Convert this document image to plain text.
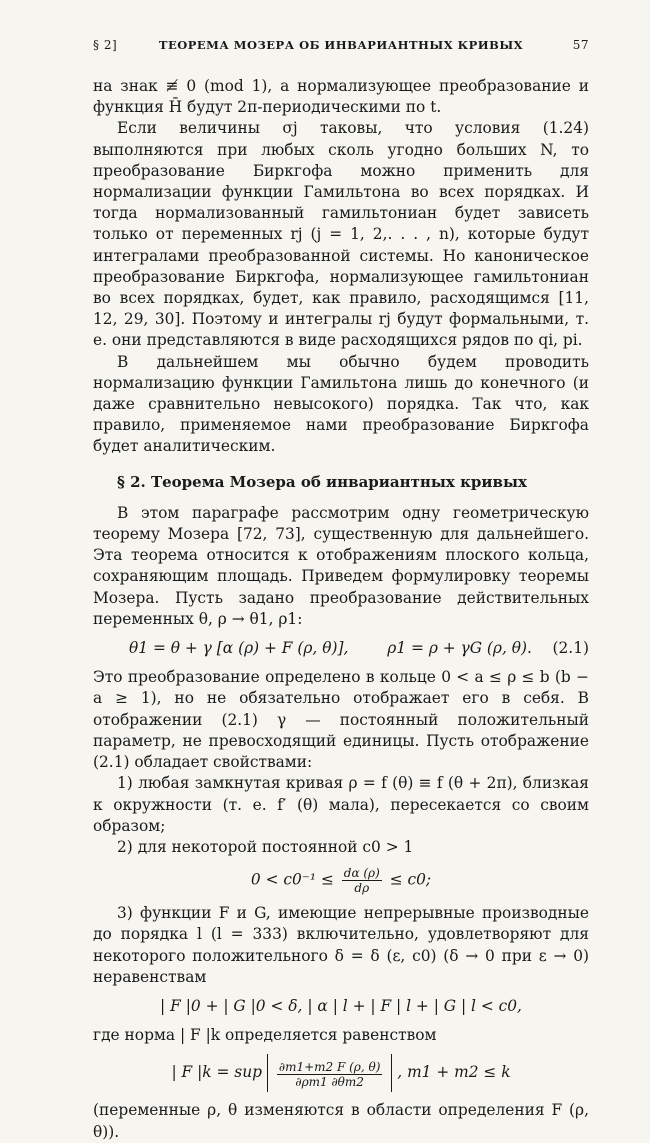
§ 2]	ТЕОРЕМА МОЗЕРА ОБ ИНВАРИАНТНЫХ КРИВЫХ	57

на знак ≢ 0 (mod 1), а нормализующее преобразование и функция H̄ будут 2π-периодическими по t.

Если величины σj таковы, что условия (1.24) выполняются при любых сколь угодно больших N, то преобразование Биркгофа можно применить для нормализации функции Гамильтона во всех порядках. И тогда нормализованный гамильтониан будет зависеть только от переменных rj (j = 1, 2,. . . , n), которые будут интегралами преобразованной системы. Но каноническое преобразование Биркгофа, нормализующее гамильтониан во всех порядках, будет, как правило, расходящимся [11, 12, 29, 30]. Поэтому и интегралы rj будут формальными, т. е. они представляются в виде расходящихся рядов по qi, pi.

В дальнейшем мы обычно будем проводить нормализацию функции Гамильтона лишь до конечного (и даже сравнительно невысокого) порядка. Так что, как правило, применяемое нами преобразование Биркгофа будет аналитическим.

§ 2. Теорема Мозера об инвариантных кривых

В этом параграфе рассмотрим одну геометрическую теорему Мозера [72, 73], существенную для дальнейшего. Эта теорема относится к отображениям плоского кольца, сохраняющим площадь. Приведем формулировку теоремы Мозера. Пусть задано преобразование действительных переменных θ, ρ → θ1, ρ1:

θ1 = θ + γ [α (ρ) + F (ρ, θ)],	ρ1 = ρ + γG (ρ, θ). (2.1)

Это преобразование определено в кольце 0 < a ≤ ρ ≤ b (b − a ≥ 1), но не обязательно отображает его в себя. В отображении (2.1) γ — постоянный положительный параметр, не превосходящий единицы. Пусть отображение (2.1) обладает свойствами:

1) любая замкнутая кривая ρ = f (θ) ≡ f (θ + 2π), близкая к окружности (т. е. f′ (θ) мала), пересекается со своим образом;

2) для некоторой постоянной c0 > 1

$0 < c0^{-1} \le \frac{d\alpha (\rho)}{d\rho} \le c0$;

3) функции F и G, имеющие непрерывные производные до порядка l (l = 333) включительно, удовлетворяют для некоторого положительного δ = δ (ε, c0) (δ → 0 при ε → 0) неравенствам

| F |0 + | G |0 < δ, | α | l + | F | l + | G | l < c0,

где норма | F |k определяется равенством

| F |k = sup $\frac{\partial m1+m2 F (\rho, \theta)}{\partial\rho m1 \partial\theta m2}$ , m1 + m2 ≤ k

(переменные ρ, θ изменяются в области определения F (ρ, θ)).
